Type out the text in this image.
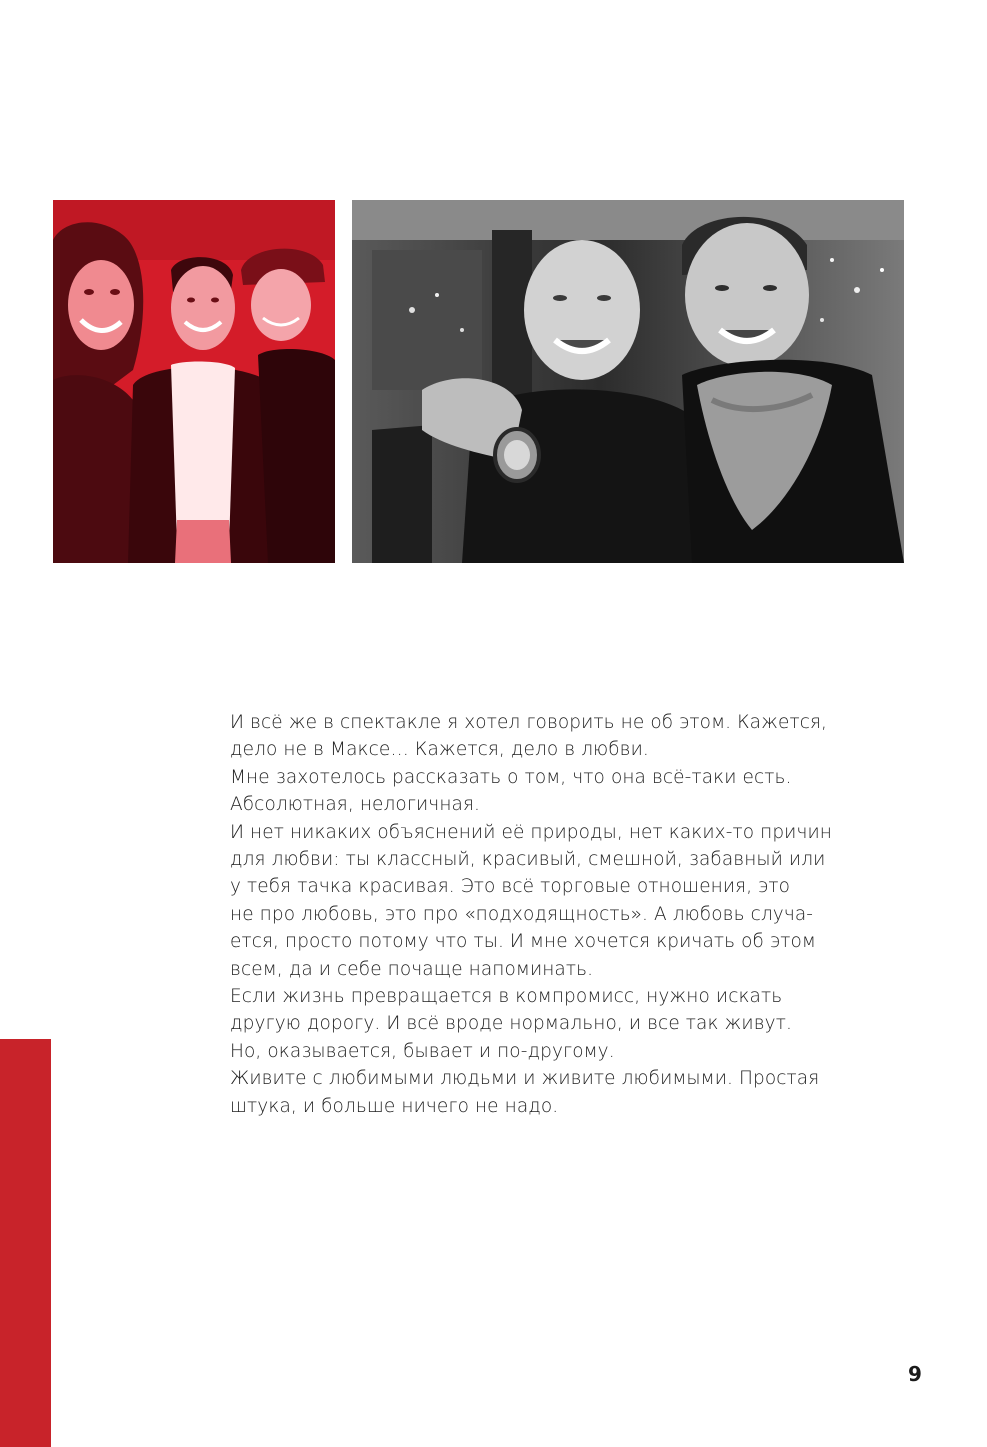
И всё же в спектакле я хотел говорить не об этом. Кажется,
дело не в Максе… Кажется, дело в любви.
Мне захотелось рассказать о том, что она всё-таки есть.
Абсолютная, нелогичная.
И нет никаких объяснений её природы, нет каких-то причин
для любви: ты классный, красивый, смешной, забавный или
у тебя тачка красивая. Это всё торговые отношения, это
не про любовь, это про «подходящность». А любовь случа-
ется, просто потому что ты. И мне хочется кричать об этом
всем, да и себе почаще напоминать.
Если жизнь превращается в компромисс, нужно искать
другую дорогу. И всё вроде нормально, и все так живут.
Но, оказывается, бывает и по-другому.
Живите с любимыми людьми и живите любимыми. Простая
штука, и больше ничего не надо.
9
